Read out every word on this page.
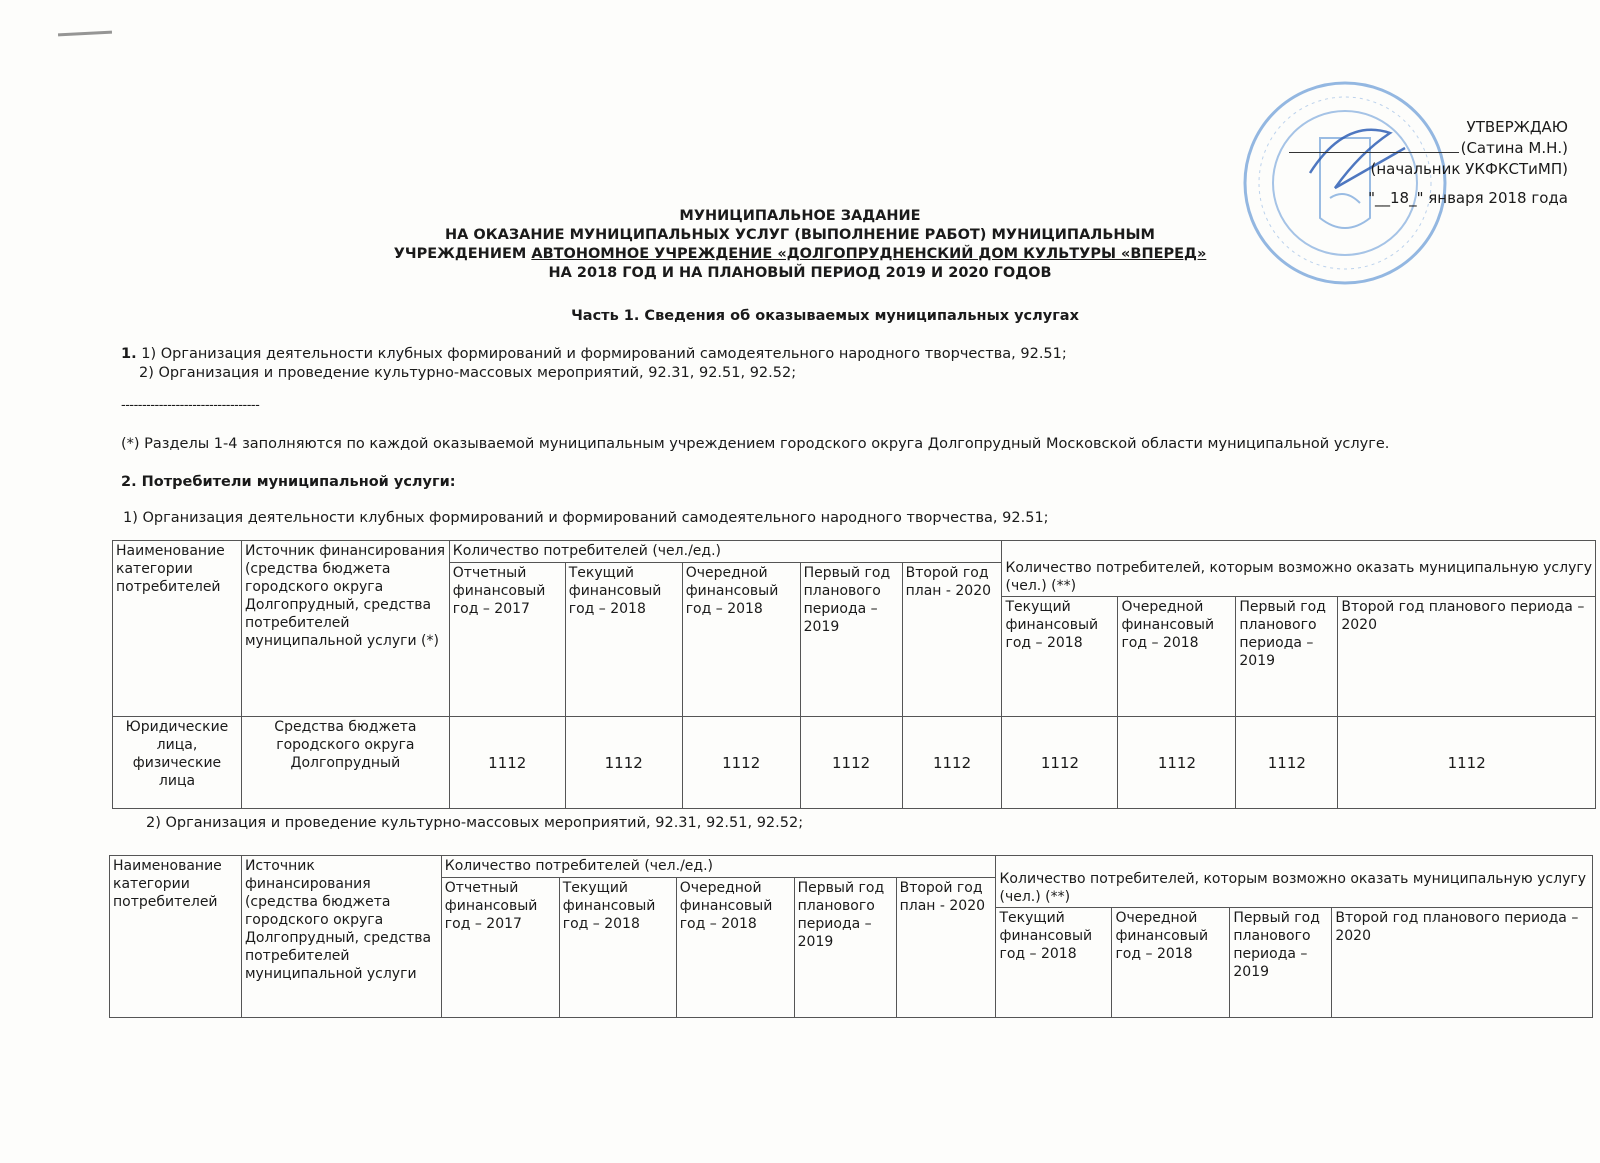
УТВЕРЖДАЮ
(Сатина М.Н.)
(начальник УКФКСТиМП)
"__18_" января 2018 года
МУНИЦИПАЛЬНОЕ ЗАДАНИЕ
НА ОКАЗАНИЕ МУНИЦИПАЛЬНЫХ УСЛУГ (ВЫПОЛНЕНИЕ РАБОТ) МУНИЦИПАЛЬНЫМ
УЧРЕЖДЕНИЕМ АВТОНОМНОЕ УЧРЕЖДЕНИЕ «ДОЛГОПРУДНЕНСКИЙ ДОМ КУЛЬТУРЫ «ВПЕРЕД»
НА 2018 ГОД И НА ПЛАНОВЫЙ ПЕРИОД 2019 И 2020 ГОДОВ
Часть 1. Сведения об оказываемых муниципальных услугах
1. 1) Организация деятельности клубных формирований и формирований самодеятельного народного творчества, 92.51;
2) Организация и проведение культурно-массовых мероприятий, 92.31, 92.51, 92.52;
---------------------------------
(*) Разделы 1-4 заполняются по каждой оказываемой муниципальным учреждением городского округа Долгопрудный Московской области муниципальной услуге.
2. Потребители муниципальной услуги:
1) Организация деятельности клубных формирований и формирований самодеятельного народного творчества, 92.51;
Наименование категории потребителей	Источник финансирования (средства бюджета городского округа Долгопрудный, средства потребителей муниципальной услуги (*)	Количество потребителей (чел./ед.)					Количество потребителей, которым возможно оказать муниципальную услугу (чел.) (**)			
		Отчетный финансовый год – 2017	Текущий финансовый год – 2018	Очередной финансовый год – 2018	Первый год планового периода – 2019	Второй год план - 2020				
							Текущий финансовый год – 2018	Очередной финансовый год – 2018	Первый год планового периода – 2019	Второй год планового периода – 2020
Юридические лица, физические лица	Средства бюджета городского округа Долгопрудный	1112	1112	1112	1112	1112	1112	1112	1112	1112
2) Организация и проведение культурно-массовых мероприятий, 92.31, 92.51, 92.52;
Наименование категории потребителей	Источник финансирования (средства бюджета городского округа Долгопрудный, средства потребителей муниципальной услуги	Количество потребителей (чел./ед.)					Количество потребителей, которым возможно оказать муниципальную услугу (чел.) (**)			
		Отчетный финансовый год – 2017	Текущий финансовый год – 2018	Очередной финансовый год – 2018	Первый год планового периода – 2019	Второй год план - 2020				
							Текущий финансовый год – 2018	Очередной финансовый год – 2018	Первый год планового периода – 2019	Второй год планового периода – 2020
